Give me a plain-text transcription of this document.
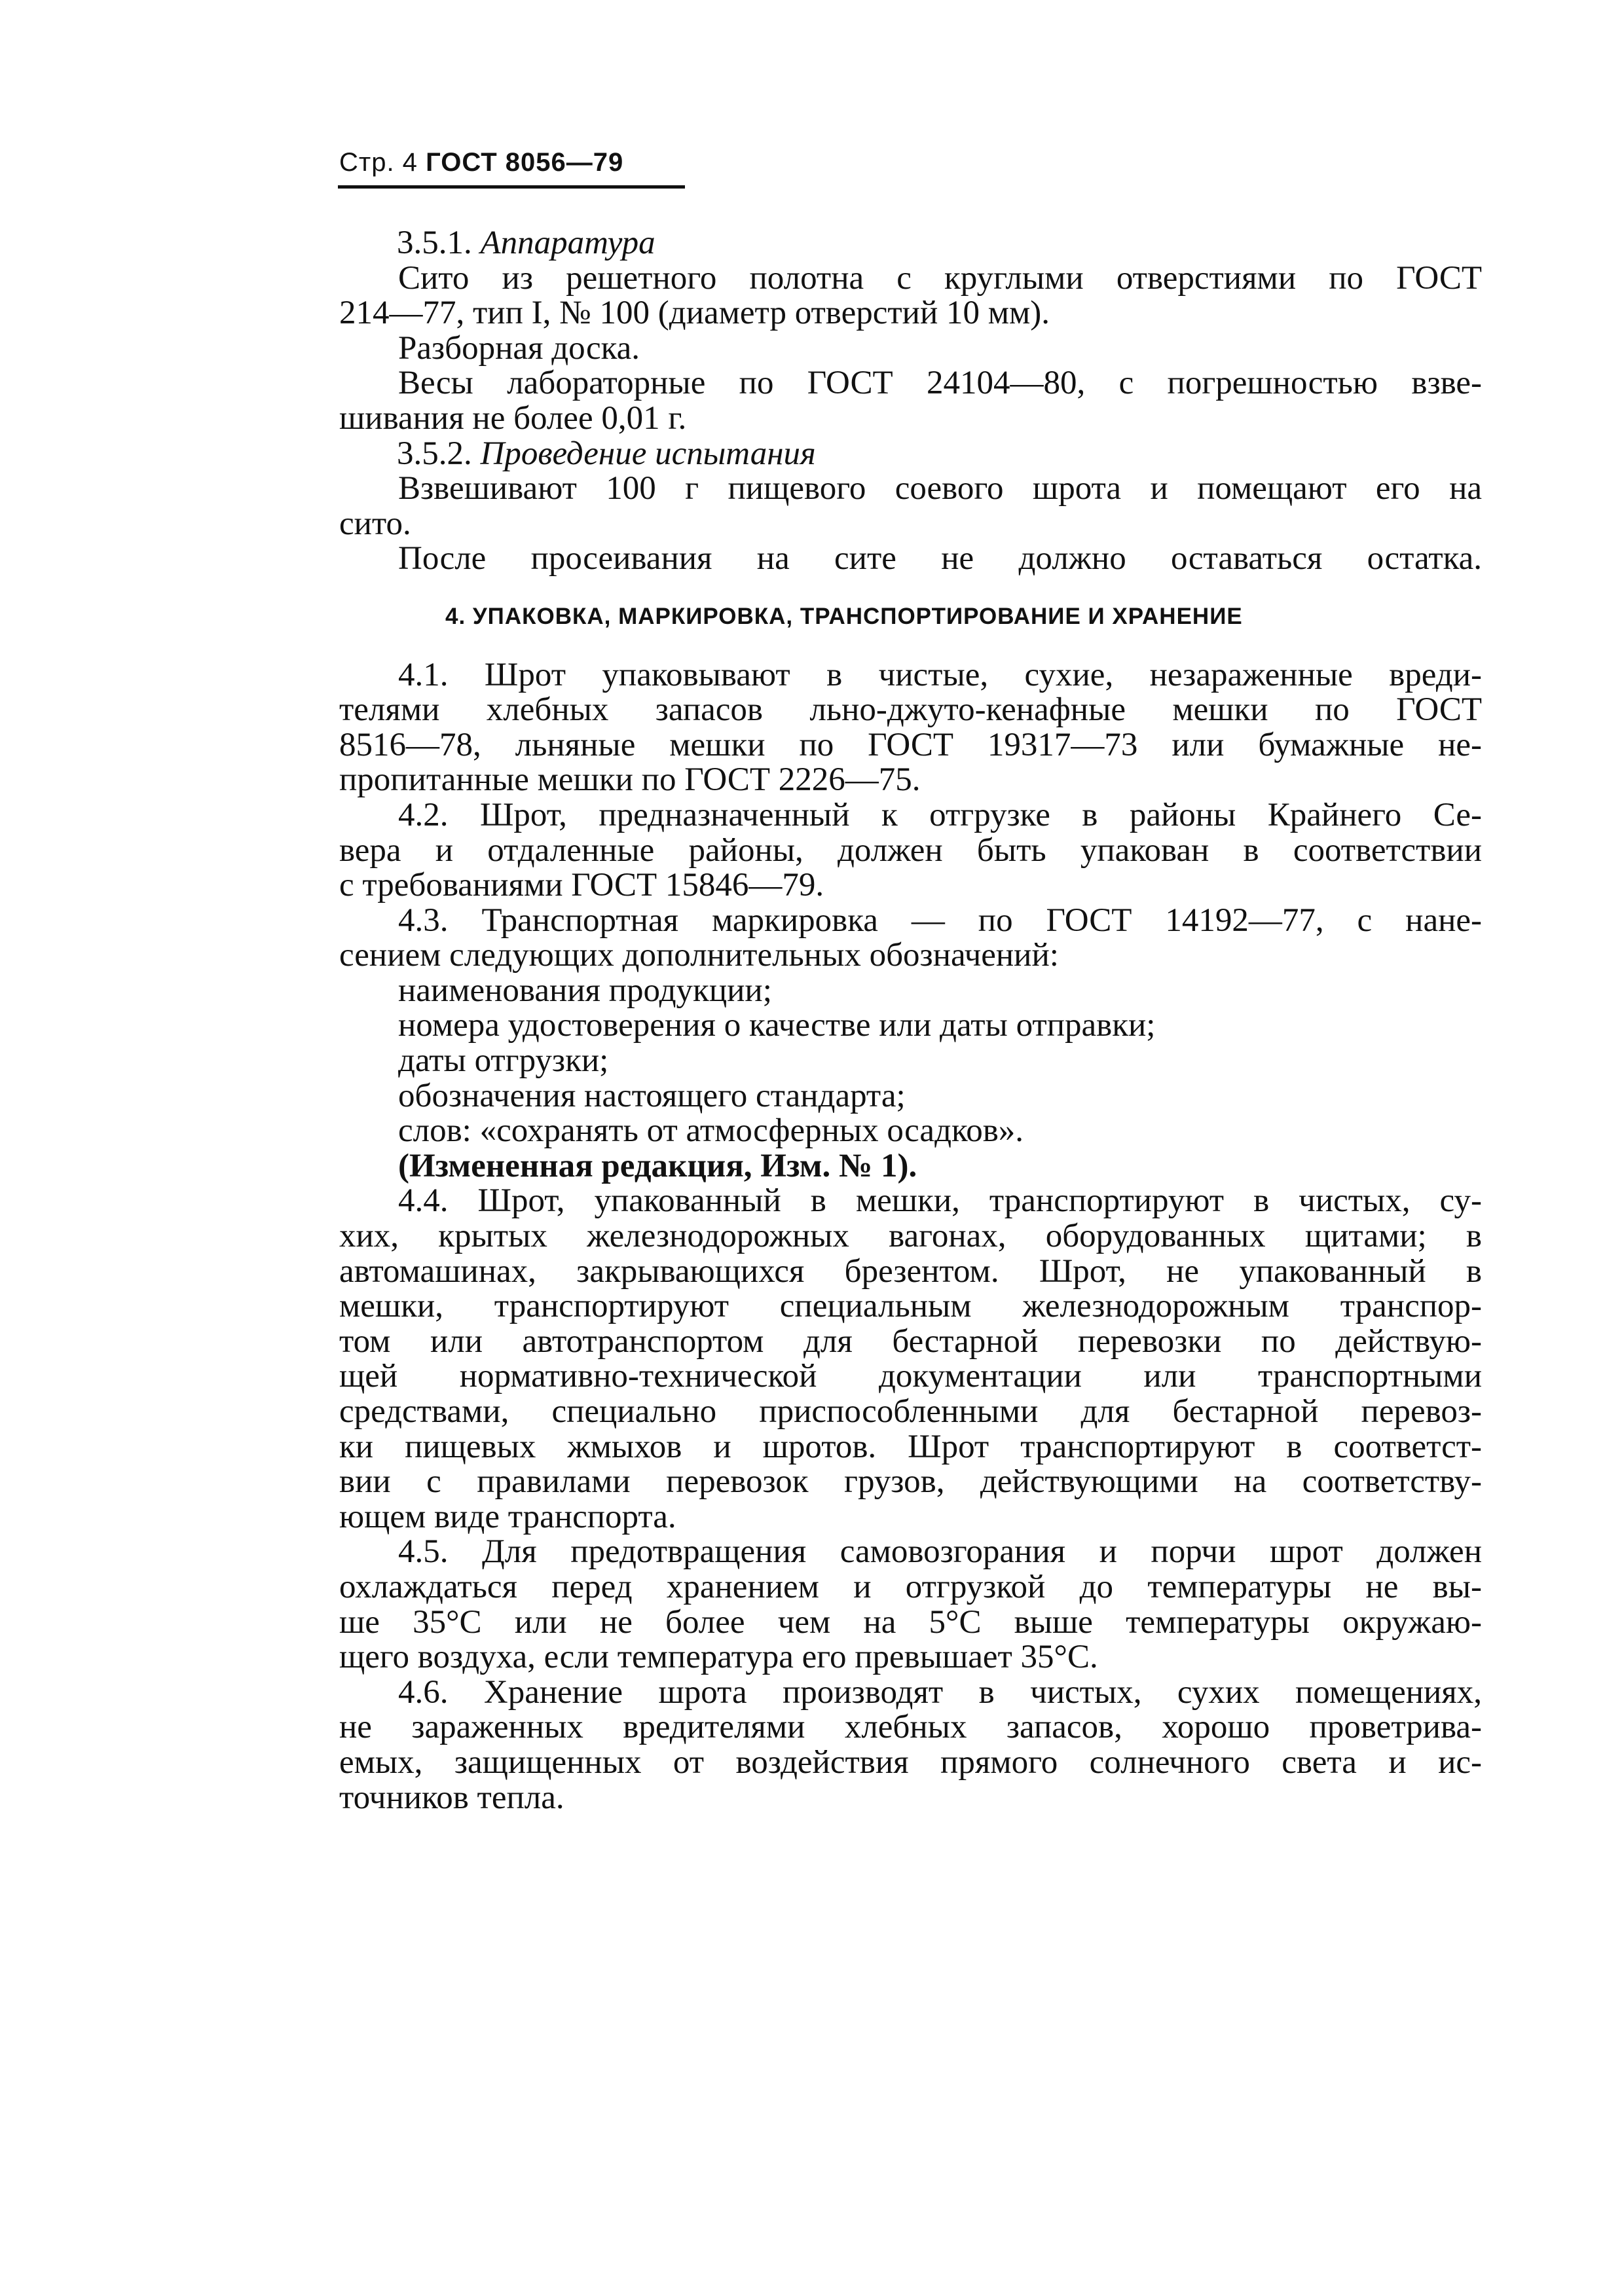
Стр. 4 ГОСТ 8056—79
3.5.1. Аппаратура
Сито из решетного полотна с круглыми отверстиями по ГОСТ
214—77, тип I, № 100 (диаметр отверстий 10 мм).
Разборная доска.
Весы лабораторные по ГОСТ 24104—80, с погрешностью взве-
шивания не более 0,01 г.
3.5.2. Проведение испытания
Взвешивают 100 г пищевого соевого шрота и помещают его на
сито.
После просеивания на сите не должно оставаться остатка.
4. УПАКОВКА, МАРКИРОВКА, ТРАНСПОРТИРОВАНИЕ И ХРАНЕНИЕ
4.1. Шрот упаковывают в чистые, сухие, незараженные вреди-
телями хлебных запасов льно-джуто-кенафные мешки по ГОСТ
8516—78, льняные мешки по ГОСТ 19317—73 или бумажные не-
пропитанные мешки по ГОСТ 2226—75.
4.2. Шрот, предназначенный к отгрузке в районы Крайнего Се-
вера и отдаленные районы, должен быть упакован в соответствии
с требованиями ГОСТ 15846—79.
4.3. Транспортная маркировка — по ГОСТ 14192—77, с нане-
сением следующих дополнительных обозначений:
наименования продукции;
номера удостоверения о качестве или даты отправки;
даты отгрузки;
обозначения настоящего стандарта;
слов: «сохранять от атмосферных осадков».
(Измененная редакция, Изм. № 1).
4.4. Шрот, упакованный в мешки, транспортируют в чистых, су-
хих, крытых железнодорожных вагонах, оборудованных щитами; в
автомашинах, закрывающихся брезентом. Шрот, не упакованный в
мешки, транспортируют специальным железнодорожным транспор-
том или автотранспортом для бестарной перевозки по действую-
щей нормативно-технической документации или транспортными
средствами, специально приспособленными для бестарной перевоз-
ки пищевых жмыхов и шротов. Шрот транспортируют в соответст-
вии с правилами перевозок грузов, действующими на соответству-
ющем виде транспорта.
4.5. Для предотвращения самовозгорания и порчи шрот должен
охлаждаться перед хранением и отгрузкой до температуры не вы-
ше 35°С или не более чем на 5°С выше температуры окружаю-
щего воздуха, если температура его превышает 35°С.
4.6. Хранение шрота производят в чистых, сухих помещениях,
не зараженных вредителями хлебных запасов, хорошо проветрива-
емых, защищенных от воздействия прямого солнечного света и ис-
точников тепла.
